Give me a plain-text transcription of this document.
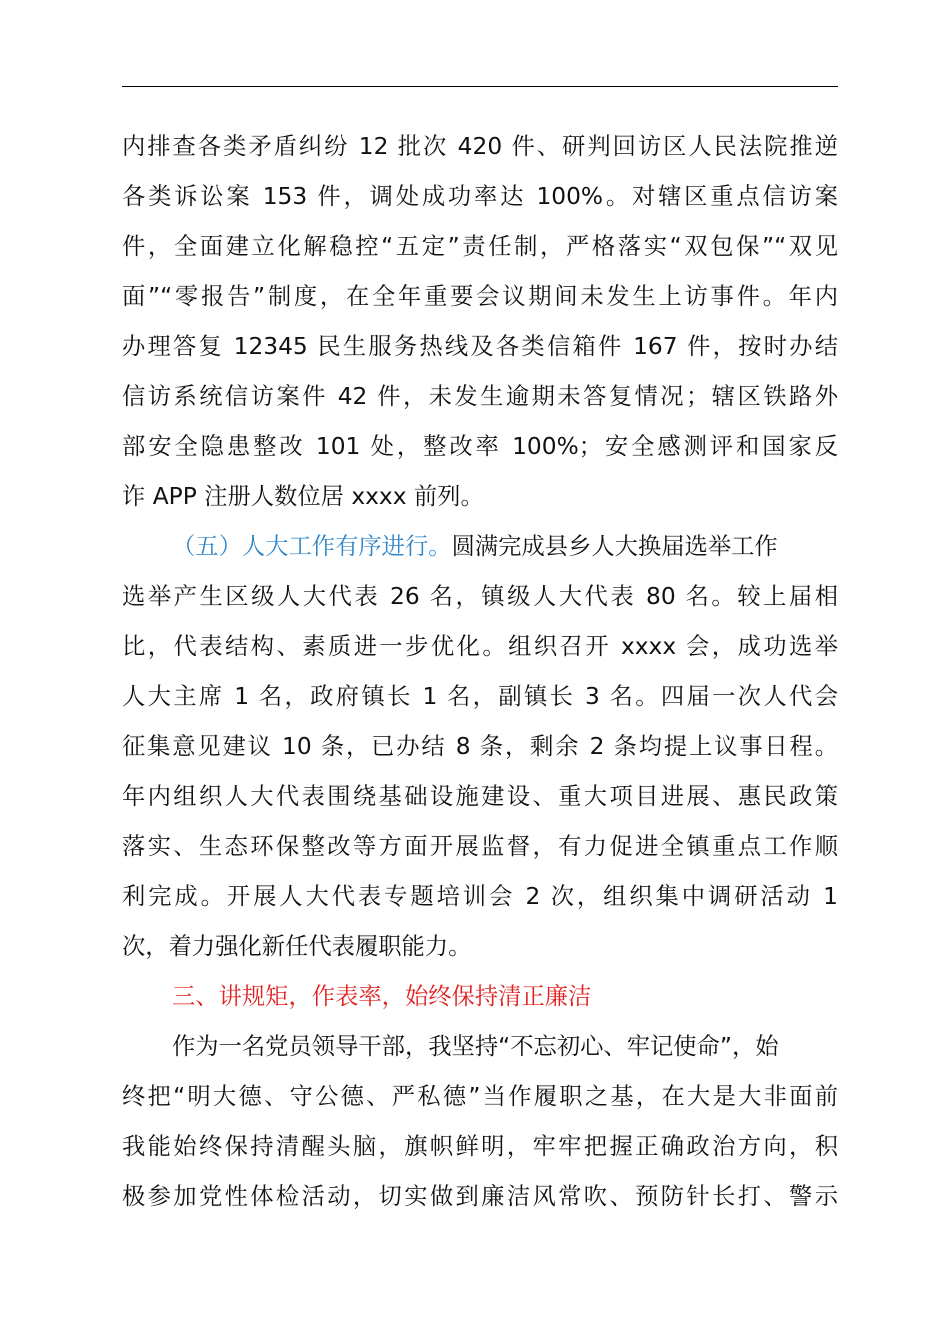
内排查各类矛盾纠纷 12 批次 420 件、研判回访区人民法院推逆
各类诉讼案 153 件，调处成功率达 100%。对辖区重点信访案
件，全面建立化解稳控“五定”责任制，严格落实“双包保”“双见
面”“零报告”制度，在全年重要会议期间未发生上访事件。年内
办理答复 12345 民生服务热线及各类信箱件 167 件，按时办结
信访系统信访案件 42 件，未发生逾期未答复情况；辖区铁路外
部安全隐患整改 101 处，整改率 100%；安全感测评和国家反
诈 APP 注册人数位居 xxxx 前列。
（五）人大工作有序进行。圆满完成县乡人大换届选举工作
选举产生区级人大代表 26 名，镇级人大代表 80 名。较上届相
比，代表结构、素质进一步优化。组织召开 xxxx 会，成功选举
人大主席 1 名，政府镇长 1 名，副镇长 3 名。四届一次人代会
征集意见建议 10 条，已办结 8 条，剩余 2 条均提上议事日程。
年内组织人大代表围绕基础设施建设、重大项目进展、惠民政策
落实、生态环保整改等方面开展监督，有力促进全镇重点工作顺
利完成。开展人大代表专题培训会 2 次，组织集中调研活动 1
次，着力强化新任代表履职能力。
三、讲规矩，作表率，始终保持清正廉洁
作为一名党员领导干部，我坚持“不忘初心、牢记使命”，始
终把“明大德、守公德、严私德”当作履职之基，在大是大非面前
我能始终保持清醒头脑，旗帜鲜明，牢牢把握正确政治方向，积
极参加党性体检活动，切实做到廉洁风常吹、预防针长打、警示
